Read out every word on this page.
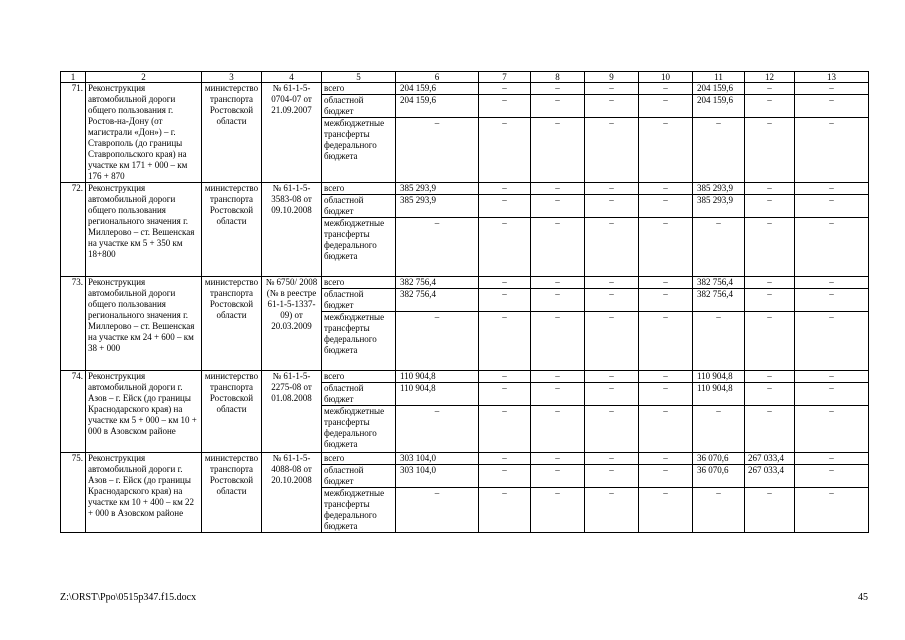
1	2	3	4	5	6	7	8	9	10	11	12	13
71.	Реконструкция автомобильной дороги общего пользования г. Ростов-на-Дону (от магистрали «Дон») – г. Ставрополь (до границы Ставропольского края) на участке км 171 + 000 – км 176 + 870	министерство транспорта Ростовской области	№ 61-1-5-0704-07 от 21.09.2007	всего	204 159,6	–	–	–	–	204 159,6	–	–
				областной бюджет	204 159,6	–	–	–	–	204 159,6	–	–
				межбюджетные трансферты федерального бюджета	–	–	–	–	–	–	–	–
72.	Реконструкция автомобильной дороги общего пользования регионального значения г. Миллерово – ст. Вешенская на участке км 5 + 350 км 18+800	министерство транспорта Ростовской области	№ 61-1-5-3583-08 от 09.10.2008	всего	385 293,9	–	–	–	–	385 293,9	–	–
				областной бюджет	385 293,9	–	–	–	–	385 293,9	–	–
				межбюджетные трансферты федерального бюджета	–	–	–	–	–	–	–	–
73.	Реконструкция автомобильной дороги общего пользования регионального значения г. Миллерово – ст. Вешенская на участке км 24 + 600 – км 38 + 000	министерство транспорта Ростовской области	№ 6750/ 2008 (№ в реестре 61-1-5-1337-09) от 20.03.2009	всего	382 756,4	–	–	–	–	382 756,4	–	–
				областной бюджет	382 756,4	–	–	–	–	382 756,4	–	–
				межбюджетные трансферты федерального бюджета	–	–	–	–	–	–	–	–
74.	Реконструкция автомобильной дороги г. Азов – г. Ейск (до границы Краснодарского края) на участке км 5 + 000 – км 10 + 000 в Азовском районе	министерство транспорта Ростовской области	№ 61-1-5-2275-08 от 01.08.2008	всего	110 904,8	–	–	–	–	110 904,8	–	–
				областной бюджет	110 904,8	–	–	–	–	110 904,8	–	–
				межбюджетные трансферты федерального бюджета	–	–	–	–	–	–	–	–
75.	Реконструкция автомобильной дороги г. Азов – г. Ейск (до границы Краснодарского края) на участке км 10 + 400 – км 22 + 000 в Азовском районе	министерство транспорта Ростовской области	№ 61-1-5-4088-08 от 20.10.2008	всего	303 104,0	–	–	–	–	36 070,6	267 033,4	–
				областной бюджет	303 104,0	–	–	–	–	36 070,6	267 033,4	–
				межбюджетные трансферты федерального бюджета	–	–	–	–	–	–	–	–
Z:\ORST\Ppo\0515p347.f15.docx	45
